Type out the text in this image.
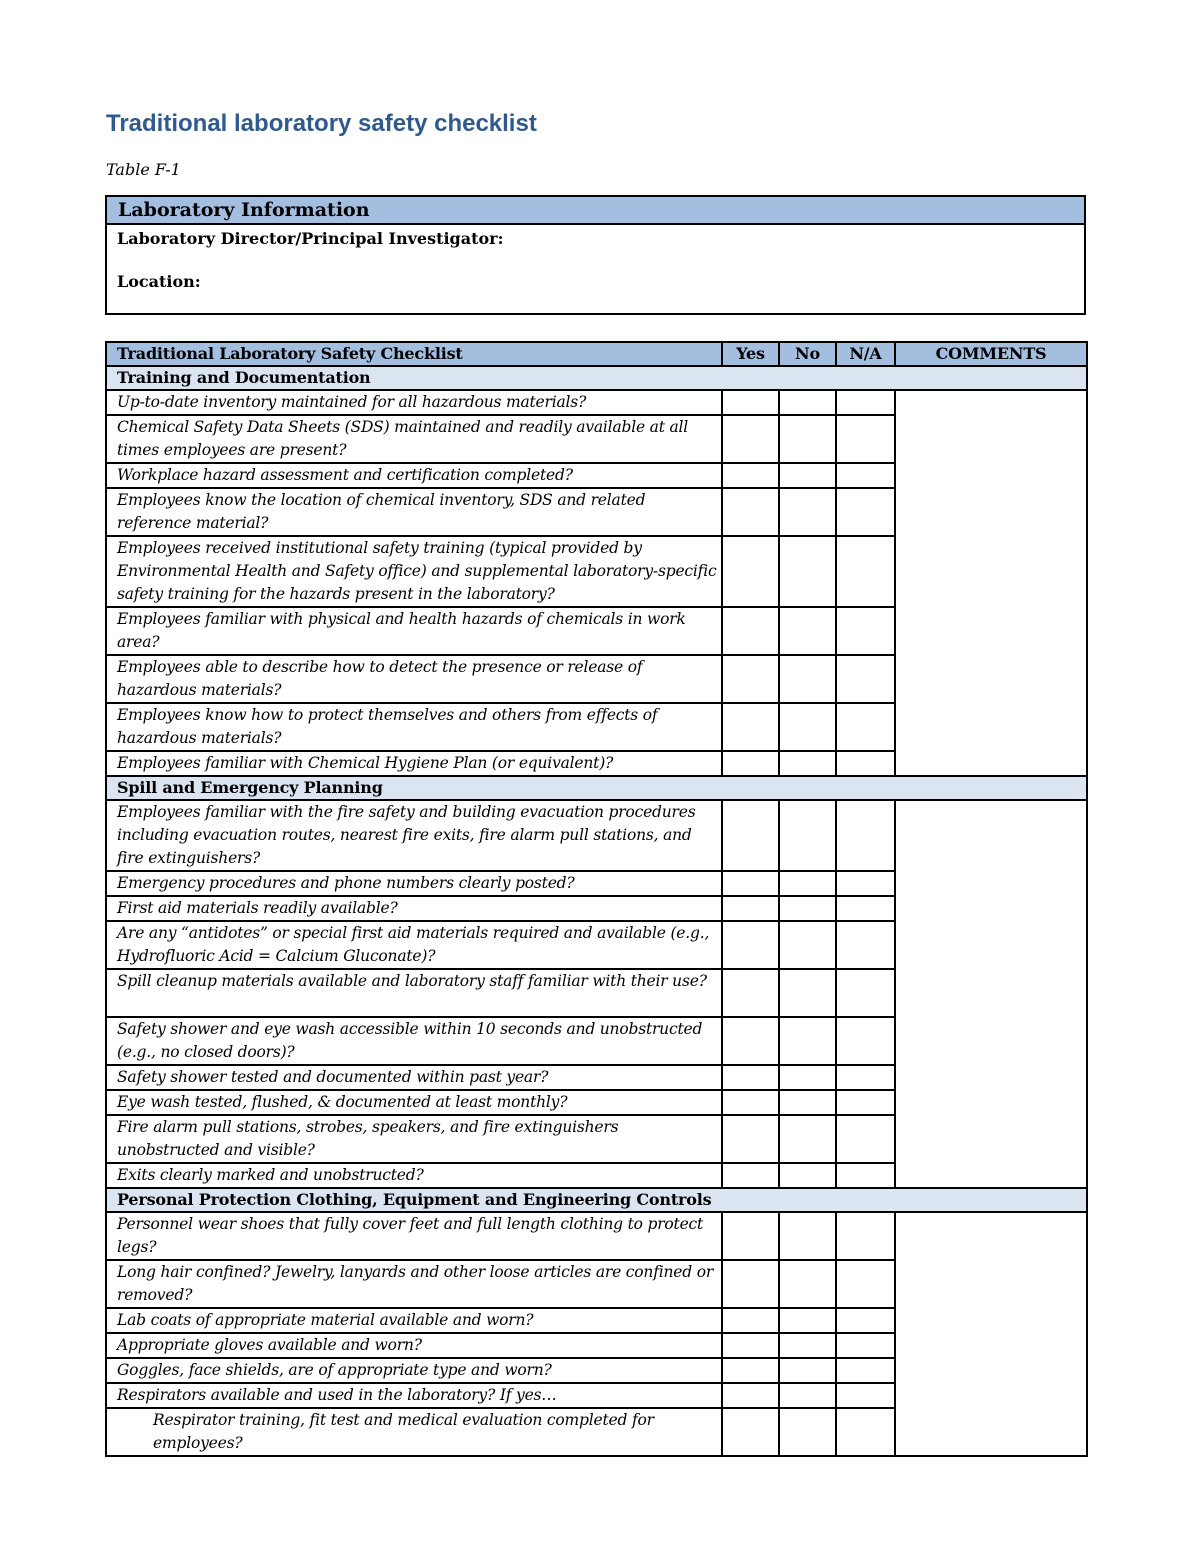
Traditional laboratory safety checklist
Table F-1
Laboratory Information

Laboratory Director/Principal Investigator:
Location:
Traditional Laboratory Safety Checklist	Yes	No	N/A	COMMENTS
Training and Documentation				
Up-to-date inventory maintained for all hazardous materials?				
Chemical Safety Data Sheets (SDS) maintained and readily available at all times employees are present?				
Workplace hazard assessment and certification completed?				
Employees know the location of chemical inventory, SDS and related reference material?				
Employees received institutional safety training (typical provided by Environmental Health and Safety office) and supplemental laboratory-specific safety training for the hazards present in the laboratory?				
Employees familiar with physical and health hazards of chemicals in work area?				
Employees able to describe how to detect the presence or release of hazardous materials?				
Employees know how to protect themselves and others from effects of hazardous materials?				
Employees familiar with Chemical Hygiene Plan (or equivalent)?				
Spill and Emergency Planning				
Employees familiar with the fire safety and building evacuation procedures including evacuation routes, nearest fire exits, fire alarm pull stations, and fire extinguishers?				
Emergency procedures and phone numbers clearly posted?				
First aid materials readily available?				
Are any “antidotes” or special first aid materials required and available (e.g., Hydrofluoric Acid = Calcium Gluconate)?				
Spill cleanup materials available and laboratory staff familiar with their use?				
Safety shower and eye wash accessible within 10 seconds and unobstructed (e.g., no closed doors)?				
Safety shower tested and documented within past year?				
Eye wash tested, flushed, & documented at least monthly?				
Fire alarm pull stations, strobes, speakers, and fire extinguishers unobstructed and visible?				
Exits clearly marked and unobstructed?				
Personal Protection Clothing, Equipment and Engineering Controls				
Personnel wear shoes that fully cover feet and full length clothing to protect legs?				
Long hair confined? Jewelry, lanyards and other loose articles are confined or removed?				
Lab coats of appropriate material available and worn?				
Appropriate gloves available and worn?				
Goggles, face shields, are of appropriate type and worn?				
Respirators available and used in the laboratory? If yes…				
Respirator training, fit test and medical evaluation completed for employees?				
